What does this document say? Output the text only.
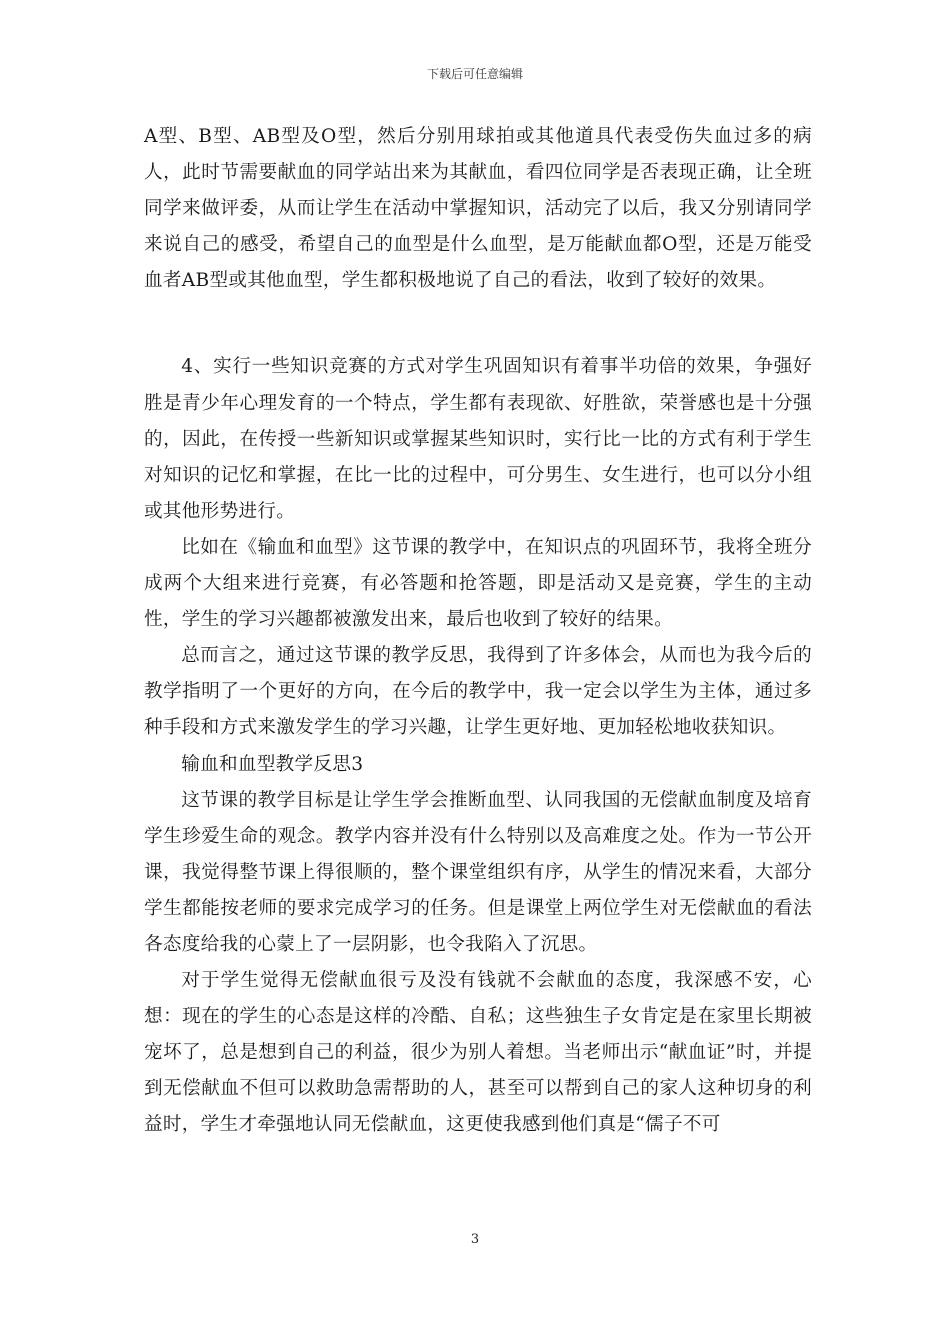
下载后可任意编辑

A型、B型、AB型及O型，然后分别用球拍或其他道具代表受伤失血过多的病人，此时节需要献血的同学站出来为其献血，看四位同学是否表现正确，让全班同学来做评委，从而让学生在活动中掌握知识，活动完了以后，我又分别请同学来说自己的感受，希望自己的血型是什么血型，是万能献血都O型，还是万能受血者AB型或其他血型，学生都积极地说了自己的看法，收到了较好的效果。

4、实行一些知识竞赛的方式对学生巩固知识有着事半功倍的效果，争强好胜是青少年心理发育的一个特点，学生都有表现欲、好胜欲，荣誉感也是十分强的，因此，在传授一些新知识或掌握某些知识时，实行比一比的方式有利于学生对知识的记忆和掌握，在比一比的过程中，可分男生、女生进行，也可以分小组或其他形势进行。

比如在《输血和血型》这节课的教学中，在知识点的巩固环节，我将全班分成两个大组来进行竞赛，有必答题和抢答题，即是活动又是竞赛，学生的主动性，学生的学习兴趣都被激发出来，最后也收到了较好的结果。

总而言之，通过这节课的教学反思，我得到了许多体会，从而也为我今后的教学指明了一个更好的方向，在今后的教学中，我一定会以学生为主体，通过多种手段和方式来激发学生的学习兴趣，让学生更好地、更加轻松地收获知识。

输血和血型教学反思3

这节课的教学目标是让学生学会推断血型、认同我国的无偿献血制度及培育学生珍爱生命的观念。教学内容并没有什么特别以及高难度之处。作为一节公开课，我觉得整节课上得很顺的，整个课堂组织有序，从学生的情况来看，大部分学生都能按老师的要求完成学习的任务。但是课堂上两位学生对无偿献血的看法各态度给我的心蒙上了一层阴影，也令我陷入了沉思。

对于学生觉得无偿献血很亏及没有钱就不会献血的态度，我深感不安，心想：现在的学生的心态是这样的冷酷、自私；这些独生子女肯定是在家里长期被宠坏了，总是想到自己的利益，很少为别人着想。当老师出示“献血证”时，并提到无偿献血不但可以救助急需帮助的人，甚至可以帮到自己的家人这种切身的利益时，学生才牵强地认同无偿献血，这更使我感到他们真是“儒子不可

3
